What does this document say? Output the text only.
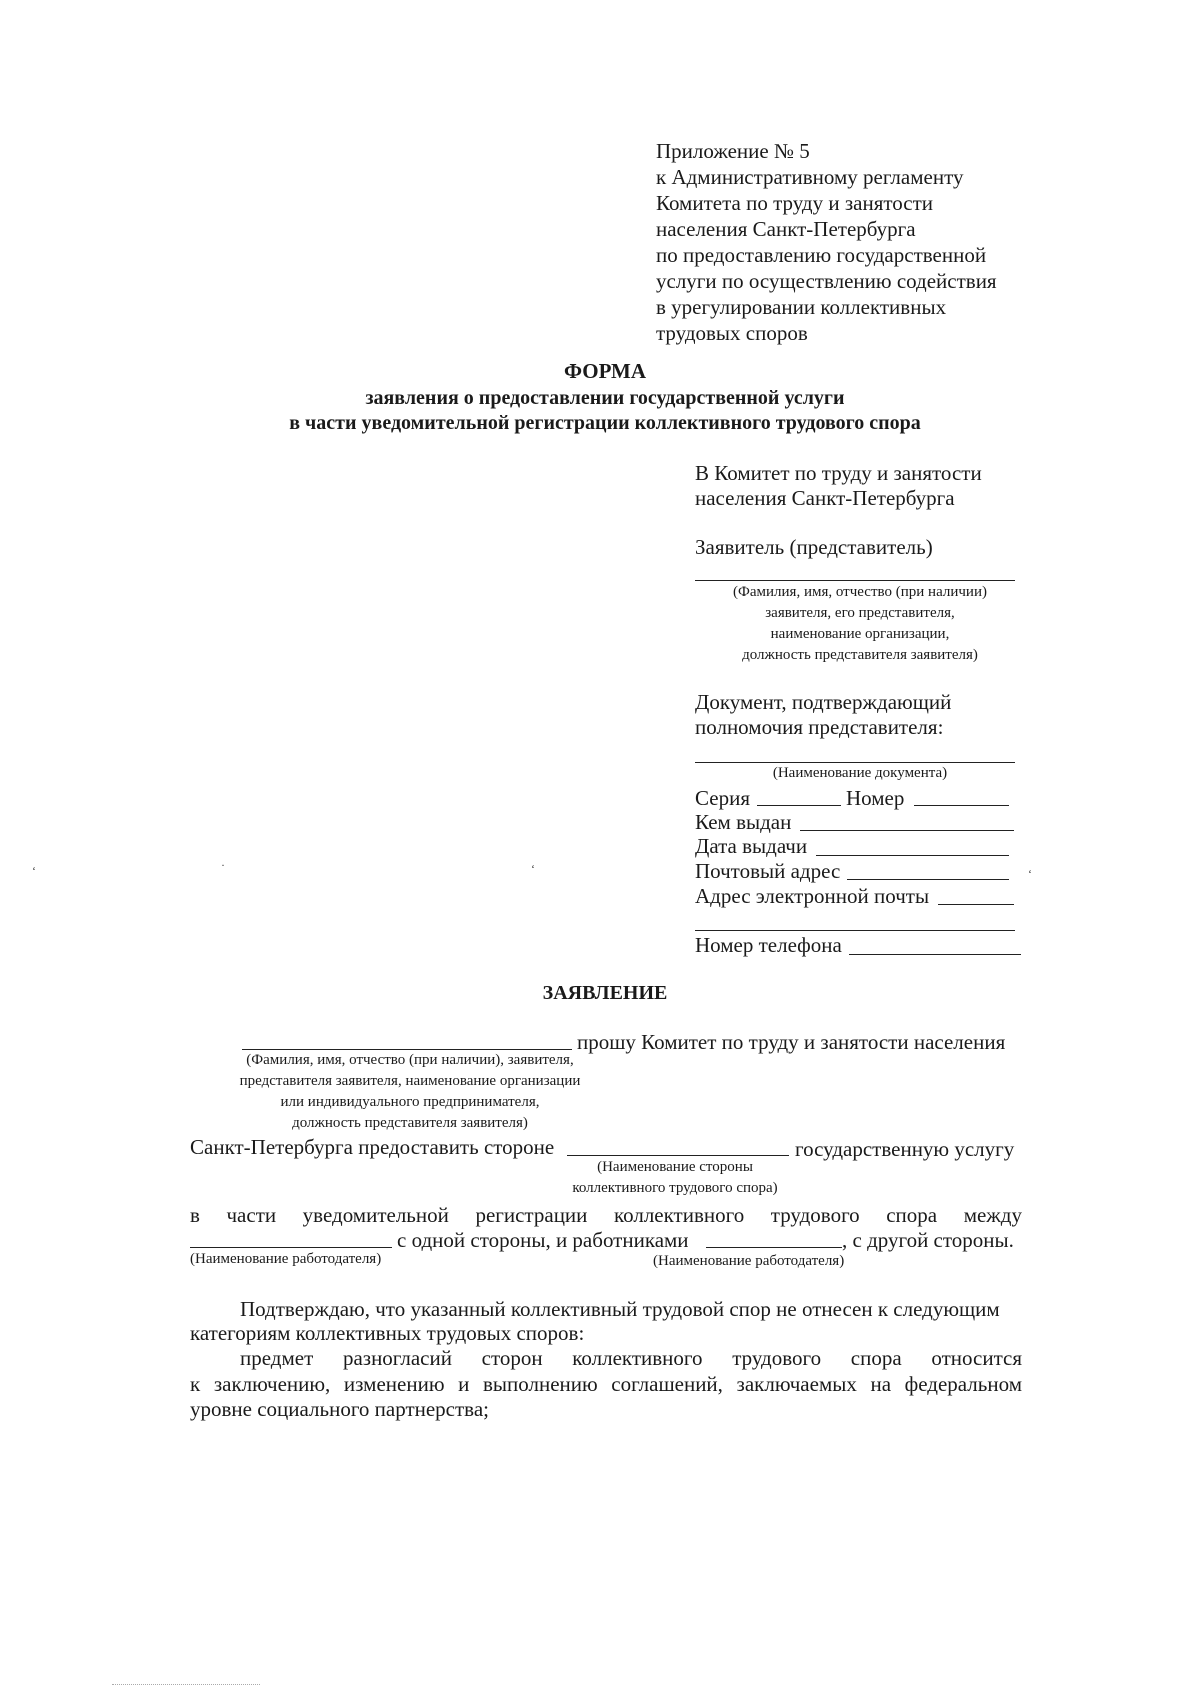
Приложение № 5
к Административному регламенту
Комитета по труду и занятости
населения Санкт-Петербурга
по предоставлению государственной
услуги по осуществлению содействия
в урегулировании коллективных
трудовых споров
ФОРМА
заявления о предоставлении государственной услуги
в части уведомительной регистрации коллективного трудового спора
В Комитет по труду и занятости
населения Санкт-Петербурга
Заявитель (представитель)
(Фамилия, имя, отчество (при наличии)
заявителя, его представителя,
наименование организации,
должность представителя заявителя)
Документ, подтверждающий
полномочия представителя:
(Наименование документа)
Серия	Номер
Кем выдан
Дата выдачи
Почтовый адрес
Адрес электронной почты
Номер телефона
ЗАЯВЛЕНИЕ
прошу Комитет по труду и занятости населения
(Фамилия, имя, отчество (при наличии), заявителя,
представителя заявителя, наименование организации
или индивидуального предпринимателя,
должность представителя заявителя)
Санкт-Петербурга предоставить стороне	государственную услугу
(Наименование стороны
коллективного трудового спора)
в части уведомительной регистрации коллективного трудового спора между
с одной стороны, и работниками	, с другой стороны.
(Наименование работодателя)	(Наименование работодателя)
Подтверждаю, что указанный коллективный трудовой спор не отнесен к следующим
категориям коллективных трудовых споров:
предмет разногласий сторон коллективного трудового спора относится
к заключению, изменению и выполнению соглашений, заключаемых на федеральном
уровне социального партнерства;
‘	·	‘	‘
